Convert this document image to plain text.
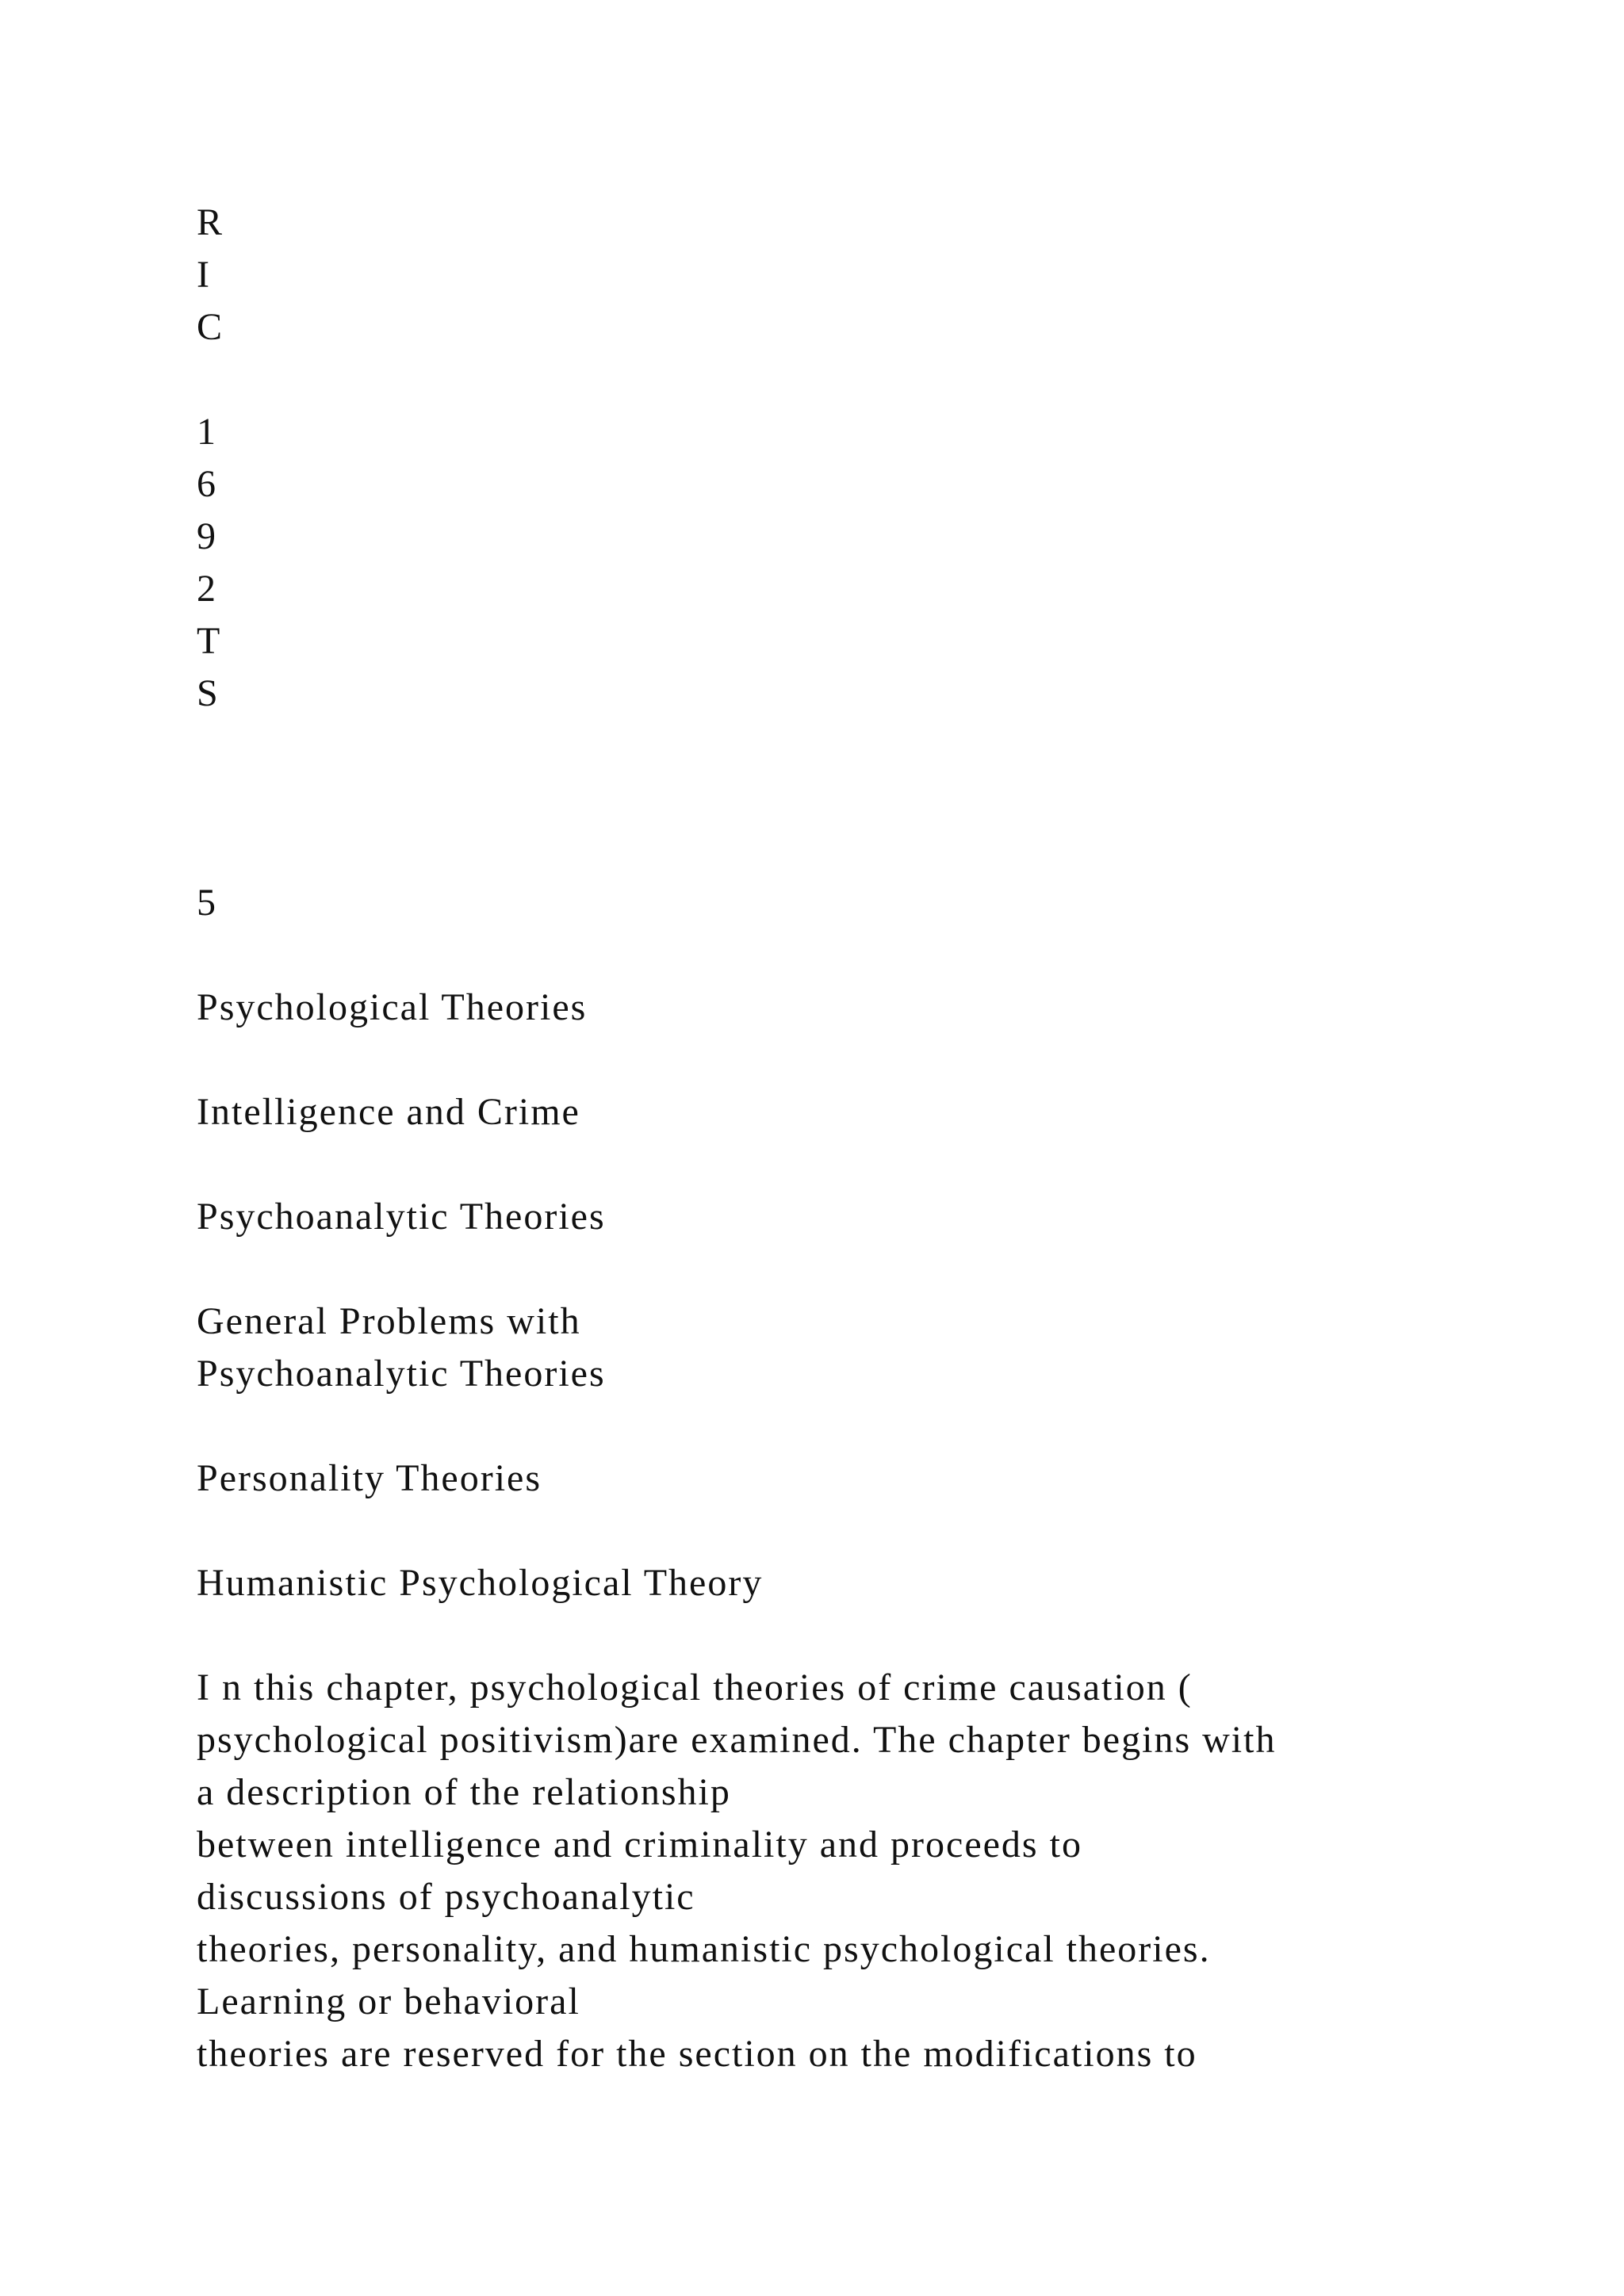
R
I
C
1
6
9
2
T
S
5
Psychological Theories
Intelligence and Crime
Psychoanalytic Theories
General Problems with
Psychoanalytic Theories
Personality Theories
Humanistic Psychological Theory
I n this chapter, psychological theories of crime causation (
psychological positivism)are examined. The chapter begins with
a description of the relationship
between intelligence and criminality and proceeds to
discussions of psychoanalytic
theories, personality, and humanistic psychological theories.
Learning or behavioral
theories are reserved for the section on the modifications to
